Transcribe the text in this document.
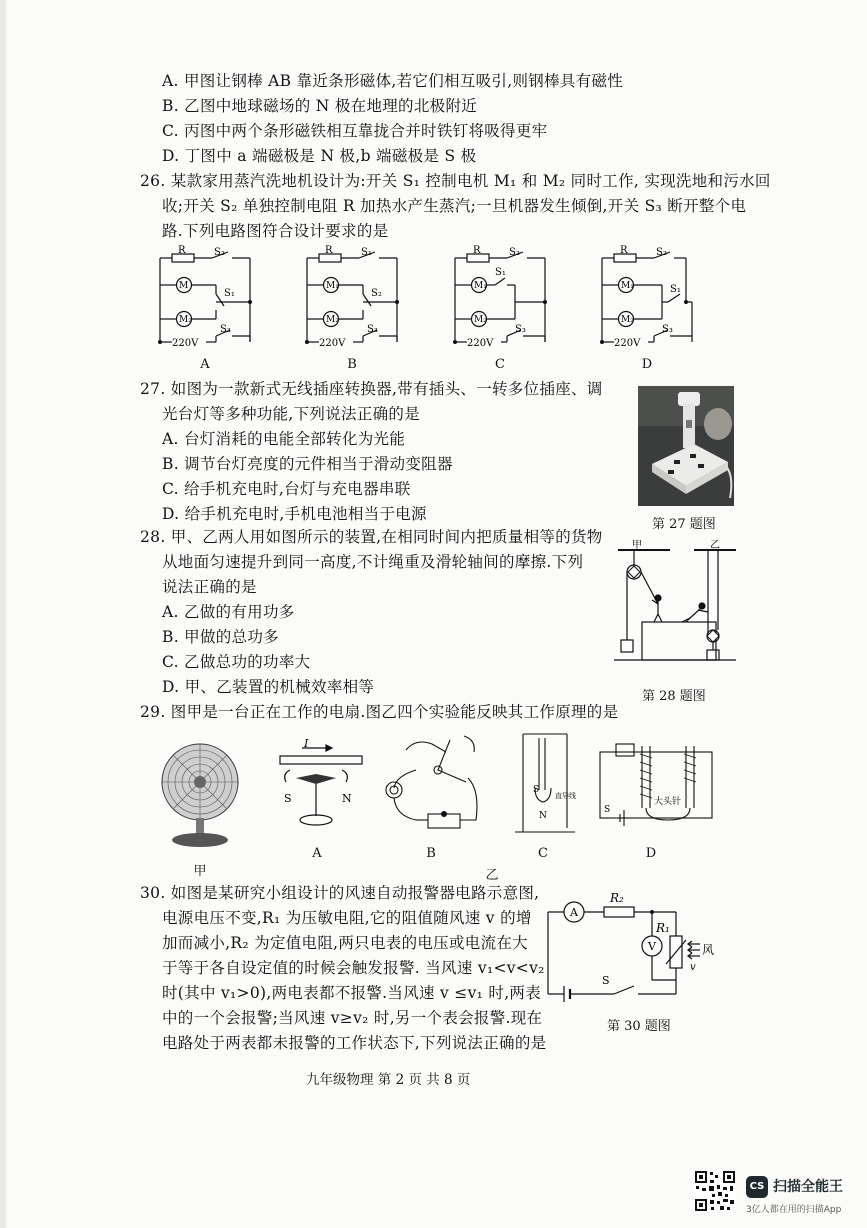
A. 甲图让钢棒 AB 靠近条形磁体,若它们相互吸引,则钢棒具有磁性
B. 乙图中地球磁场的 N 极在地理的北极附近
C. 丙图中两个条形磁铁相互靠拢合并时铁钉将吸得更牢
D. 丁图中 a 端磁极是 N 极,b 端磁极是 S 极
26. 某款家用蒸汽洗地机设计为:开关 S₁ 控制电机 M₁ 和 M₂ 同时工作, 实现洗地和污水回
收;开关 S₂ 单独控制电阻 R 加热水产生蒸汽;一旦机器发生倾倒,开关 S₃ 断开整个电
路.下列电路图符合设计要求的是
R	S₂
M
M₂
S₁
S₃
220V
A
R	S₁
M₁
M₂
S₂
S₃
220V
B
R	S₂
M₁
M₂
S₁
S₃
220V
C
R	S₂
M₁
M₂
S₁
S₃
220V
D
27. 如图为一款新式无线插座转换器,带有插头、一转多位插座、调
光台灯等多种功能,下列说法正确的是
A. 台灯消耗的电能全部转化为光能
B. 调节台灯亮度的元件相当于滑动变阻器
C. 给手机充电时,台灯与充电器串联
D. 给手机充电时,手机电池相当于电源
第 27 题图
28. 甲、乙两人用如图所示的装置,在相同时间内把质量相等的货物
从地面匀速提升到同一高度,不计绳重及滑轮轴间的摩擦.下列
说法正确的是
A. 乙做的有用功多
B. 甲做的总功多
C. 乙做总功的功率大
D. 甲、乙装置的机械效率相等
甲	乙
第 28 题图
29. 图甲是一台正在工作的电扇.图乙四个实验能反映其工作原理的是
甲
I
S	N
A	B
S
N
直导线
C
S
大头针
D
乙
30. 如图是某研究小组设计的风速自动报警器电路示意图,
电源电压不变,R₁ 为压敏电阻,它的阻值随风速 v 的增
加而减小,R₂ 为定值电阻,两只电表的电压或电流在大
于等于各自设定值的时候会触发报警. 当风速 v₁<v<v₂
时(其中 v₁>0),两电表都不报警.当风速 v ≤v₁ 时,两表
中的一个会报警;当风速 v≥v₂ 时,另一个表会报警.现在
电路处于两表都未报警的工作状态下,下列说法正确的是
A
V
R₂
R₁
风
v
S
第 30 题图
九年级物理 第 2 页 共 8 页
CS 扫描全能王
3亿人都在用的扫描App
